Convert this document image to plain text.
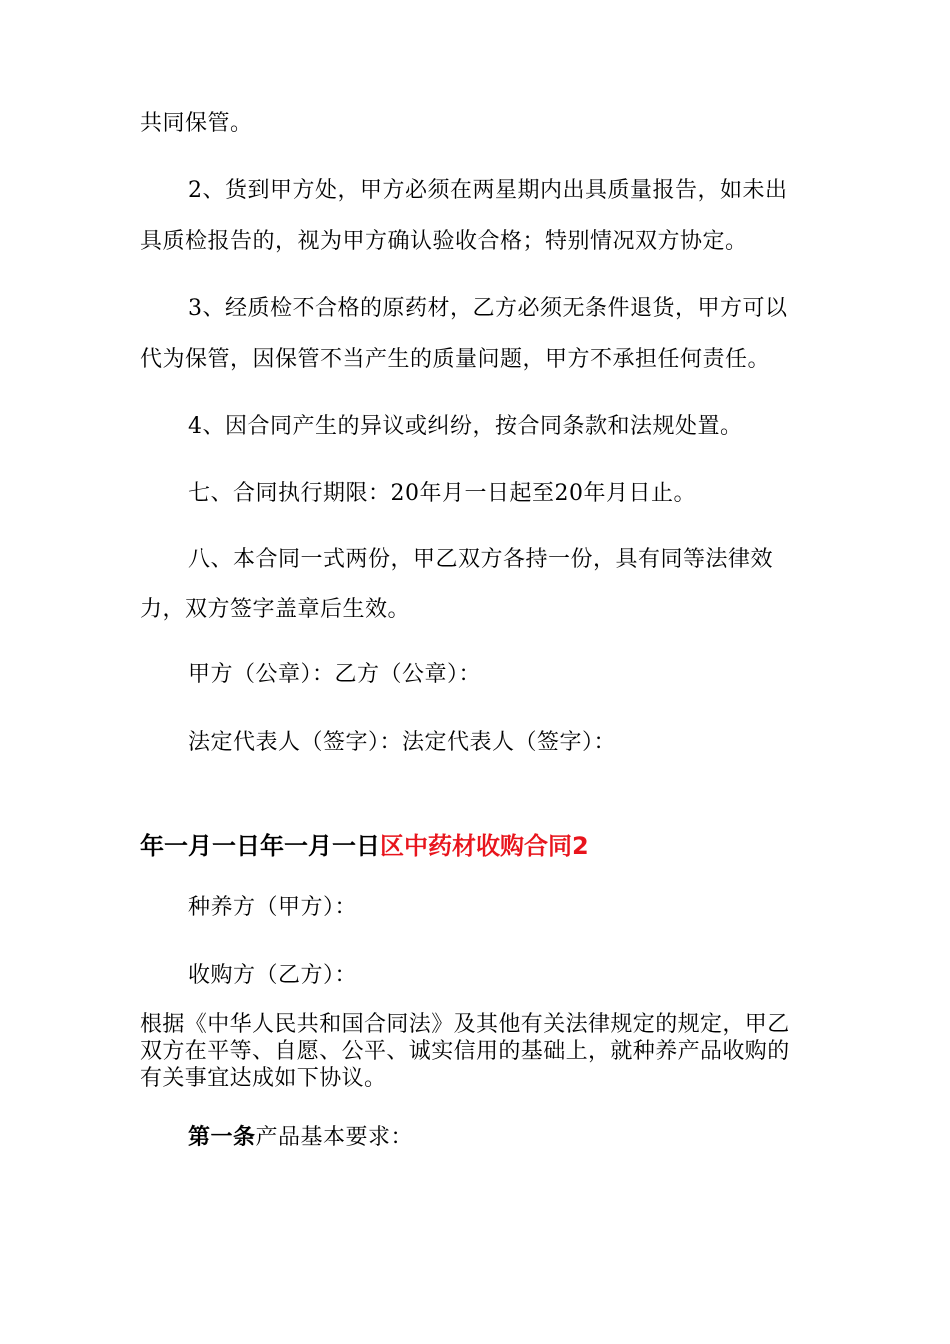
共同保管。
2、货到甲方处，甲方必须在两星期内出具质量报告，如未出
具质检报告的，视为甲方确认验收合格；特别情况双方协定。
3、经质检不合格的原药材，乙方必须无条件退货，甲方可以
代为保管，因保管不当产生的质量问题，甲方不承担任何责任。
4、因合同产生的异议或纠纷，按合同条款和法规处置。
七、合同执行期限：20年月一日起至20年月日止。
八、本合同一式两份，甲乙双方各持一份，具有同等法律效
力，双方签字盖章后生效。
甲方（公章）：乙方（公章）：
法定代表人（签字）：法定代表人（签字）：
年一月一日年一月一日区中药材收购合同2
种养方（甲方）：
收购方（乙方）：
根据《中华人民共和国合同法》及其他有关法律规定的规定，甲乙
双方在平等、自愿、公平、诚实信用的基础上，就种养产品收购的
有关事宜达成如下协议。
第一条产品基本要求：
